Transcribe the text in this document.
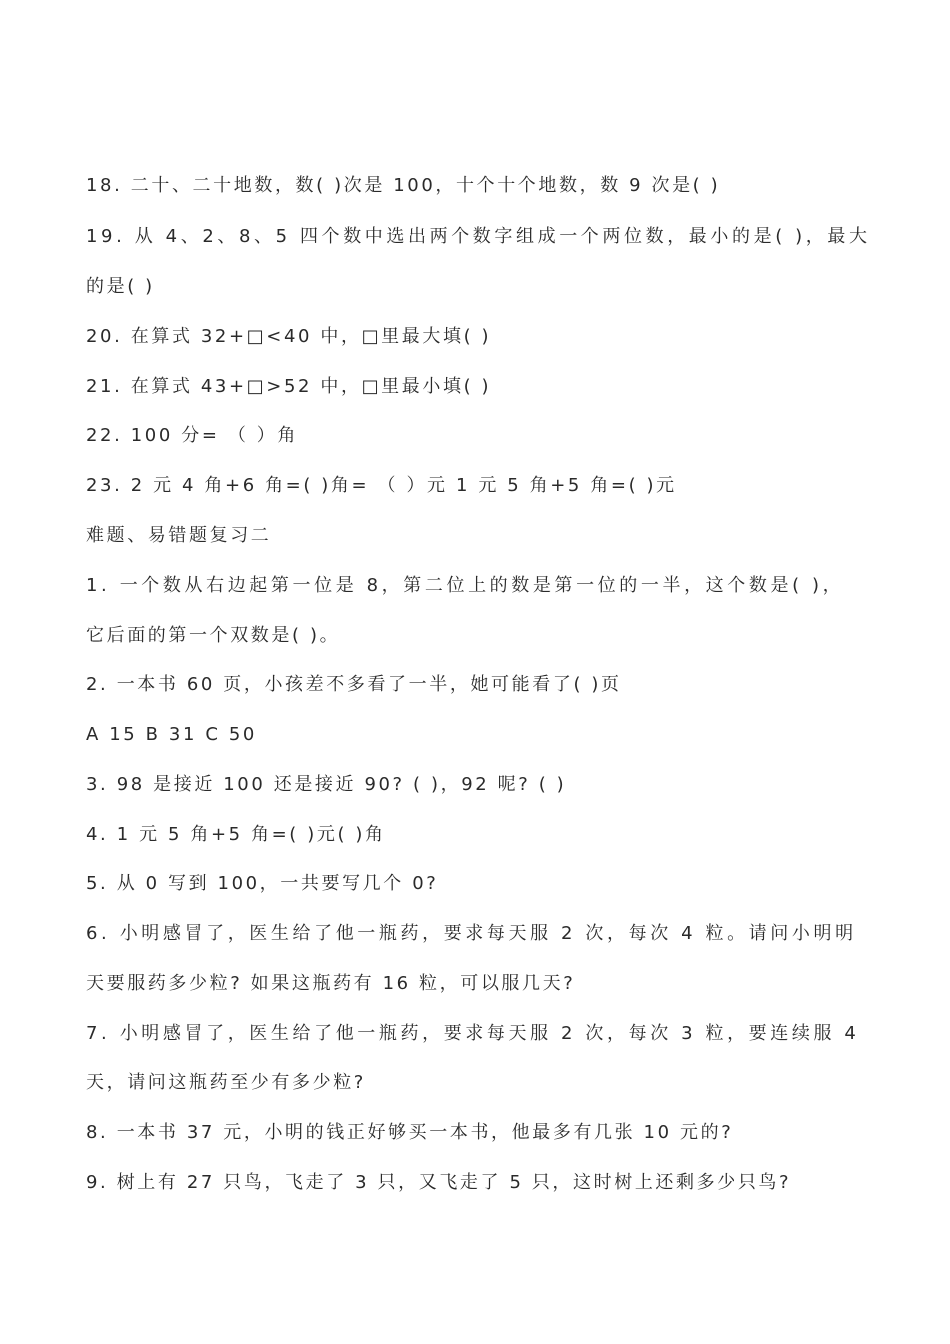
18. 二十、二十地数，数( )次是 100，十个十个地数，数 9 次是( )
19. 从 4、2、8、5 四个数中选出两个数字组成一个两位数，最小的是( )，最大
的是( )
20. 在算式 32+□<40 中，□里最大填( )
21. 在算式 43+□>52 中，□里最小填( )
22. 100 分= （ ）角
23. 2 元 4 角+6 角=( )角= （ ）元 1 元 5 角+5 角=( )元
难题、易错题复习二
1. 一个数从右边起第一位是 8，第二位上的数是第一位的一半，这个数是( )，
它后面的第一个双数是( )。
2. 一本书 60 页，小孩差不多看了一半，她可能看了( )页
A 15 B 31 C 50
3. 98 是接近 100 还是接近 90? ( )，92 呢? ( )
4. 1 元 5 角+5 角=( )元( )角
5. 从 0 写到 100，一共要写几个 0?
6. 小明感冒了，医生给了他一瓶药，要求每天服 2 次，每次 4 粒。请问小明明
天要服药多少粒? 如果这瓶药有 16 粒，可以服几天?
7. 小明感冒了，医生给了他一瓶药，要求每天服 2 次，每次 3 粒，要连续服 4
天，请问这瓶药至少有多少粒?
8. 一本书 37 元，小明的钱正好够买一本书，他最多有几张 10 元的?
9. 树上有 27 只鸟，飞走了 3 只，又飞走了 5 只，这时树上还剩多少只鸟?
